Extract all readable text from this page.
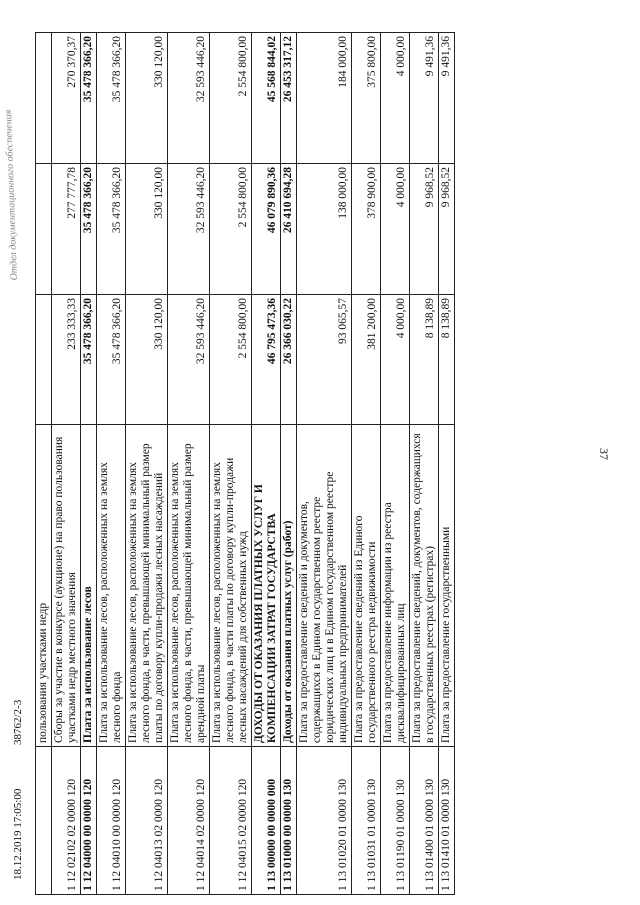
37
	пользования участками недр			
1 12 02102 02 0000 120	Сборы за участие в конкурсе (аукционе) на право пользования участками недр местного значения	233 333,33	277 777,78	270 370,37
1 12 04000 00 0000 120	Плата за использование лесов	35 478 366,20	35 478 366,20	35 478 366,20
1 12 04010 00 0000 120	Плата за использование лесов, расположенных на землях лесного фонда	35 478 366,20	35 478 366,20	35 478 366,20
1 12 04013 02 0000 120	Плата за использование лесов, расположенных на землях лесного фонда, в части, превышающей минимальный размер платы по договору купли-продажи лесных насаждений	330 120,00	330 120,00	330 120,00
1 12 04014 02 0000 120	Плата за использование лесов, расположенных на землях лесного фонда, в части, превышающей минимальный размер арендной платы	32 593 446,20	32 593 446,20	32 593 446,20
1 12 04015 02 0000 120	Плата за использование лесов, расположенных на землях лесного фонда, в части платы по договору купли-продажи лесных насаждений для собственных нужд	2 554 800,00	2 554 800,00	2 554 800,00
1 13 00000 00 0000 000	ДОХОДЫ ОТ ОКАЗАНИЯ ПЛАТНЫХ УСЛУГ И КОМПЕНСАЦИИ ЗАТРАТ ГОСУДАРСТВА	46 795 473,36	46 079 890,36	45 568 844,02
1 13 01000 00 0000 130	Доходы от оказания платных услуг (работ)	26 366 030,22	26 410 694,28	26 453 317,12
1 13 01020 01 0000 130	Плата за предоставление сведений и документов, содержащихся в Едином государственном реестре юридических лиц и в Едином государственном реестре индивидуальных предпринимателей	93 065,57	138 000,00	184 000,00
1 13 01031 01 0000 130	Плата за предоставление сведений из Единого государственного реестра недвижимости	381 200,00	378 900,00	375 800,00
1 13 01190 01 0000 130	Плата за предоставление информации из реестра дисквалифицированных лиц	4 000,00	4 000,00	4 000,00
1 13 01400 01 0000 130	Плата за предоставление сведений, документов, содержащихся в государственных реестрах (регистрах)	8 138,89	9 968,52	9 491,36
1 13 01410 01 0000 130	Плата за предоставление государственными	8 138,89	9 968,52	9 491,36
18.12.2019 17:05:00
38762/2-3
Отдел документационного обеспечения
